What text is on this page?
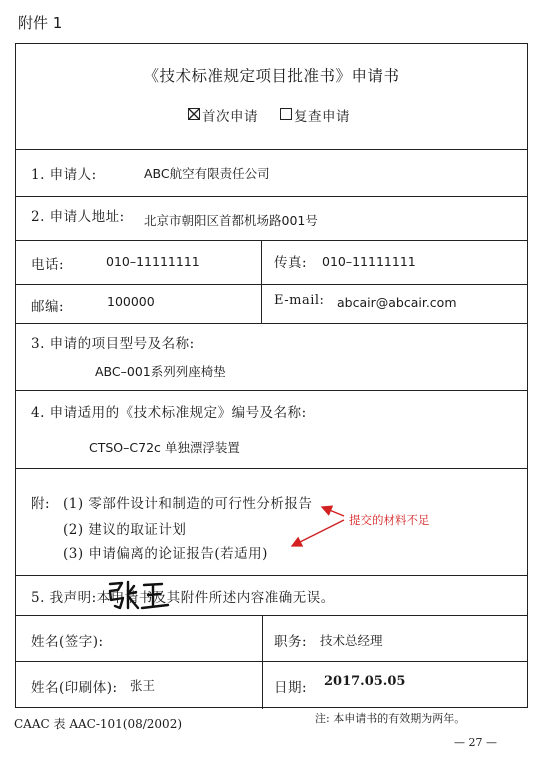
附件 1
《技术标准规定项目批准书》申请书
首次申请	复查申请
1. 申请人:	ABC航空有限责任公司
2. 申请人地址: 北京市朝阳区首都机场路001号
电话:	010–11111111	传真: 010–11111111
邮编:	100000	E-mail: abcair@abcair.com
3. 申请的项目型号及名称:
ABC–001系列列座椅垫
4. 申请适用的《技术标准规定》编号及名称:
CTSO–C72c 单独漂浮装置
附: (1) 零部件设计和制造的可行性分析报告
(2) 建议的取证计划
(3) 申请偏离的论证报告(若适用)
5. 我声明:本申请书及其附件所述内容准确无误。
姓名(签字):	职务: 技术总经理
姓名(印刷体): 张王	日期: 2017.05.05
提交的材料不足
CAAC 表 AAC-101(08/2002)	注: 本申请书的有效期为两年。
— 27 —
